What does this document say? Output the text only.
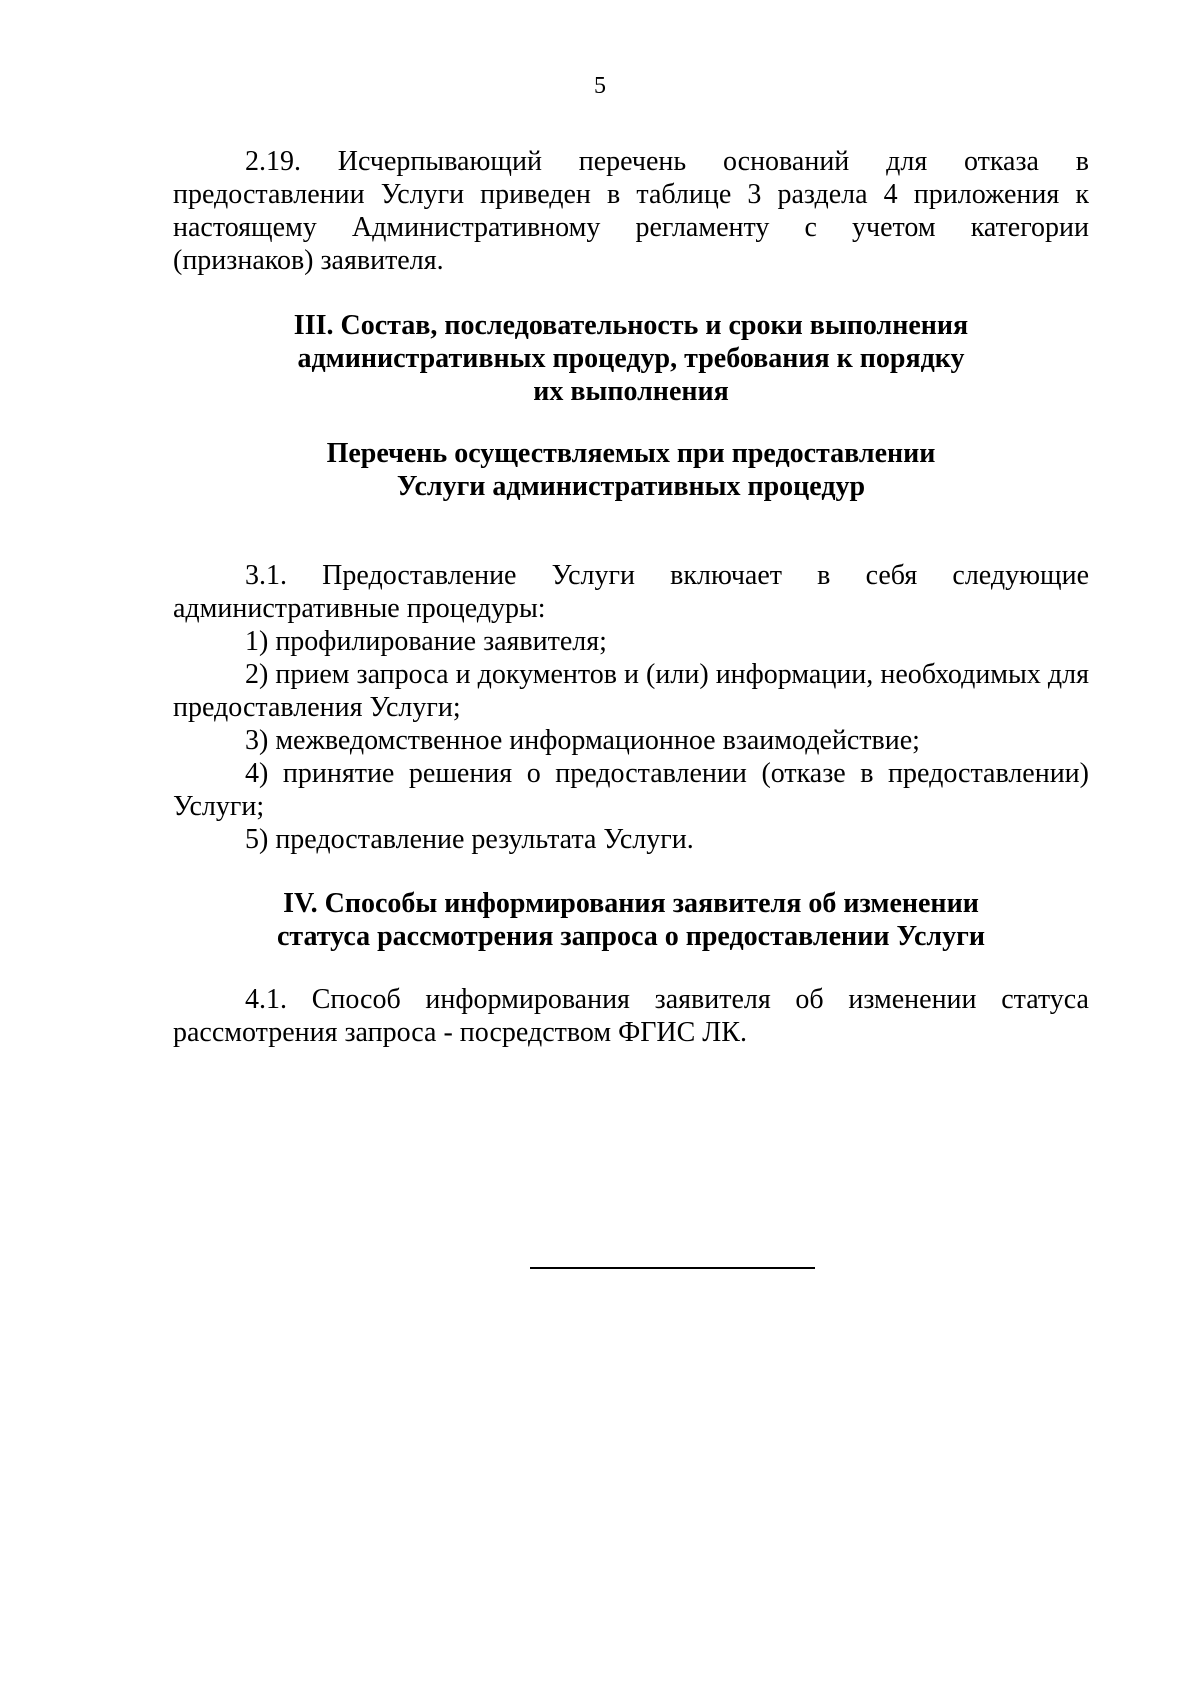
5

2.19. Исчерпывающий перечень оснований для отказа в предоставлении Услуги приведен в таблице 3 раздела 4 приложения к настоящему Административному регламенту с учетом категории (признаков) заявителя.

III. Состав, последовательность и сроки выполнения
административных процедур, требования к порядку
их выполнения
Перечень осуществляемых при предоставлении
Услуги административных процедур

3.1. Предоставление Услуги включает в себя следующие административные процедуры:

1) профилирование заявителя;

2) прием запроса и документов и (или) информации, необходимых для предоставления Услуги;

3) межведомственное информационное взаимодействие;

4) принятие решения о предоставлении (отказе в предоставлении) Услуги;

5) предоставление результата Услуги.

IV. Способы информирования заявителя об изменении
статуса рассмотрения запроса о предоставлении Услуги

4.1. Способ информирования заявителя об изменении статуса рассмотрения запроса - посредством ФГИС ЛК.
